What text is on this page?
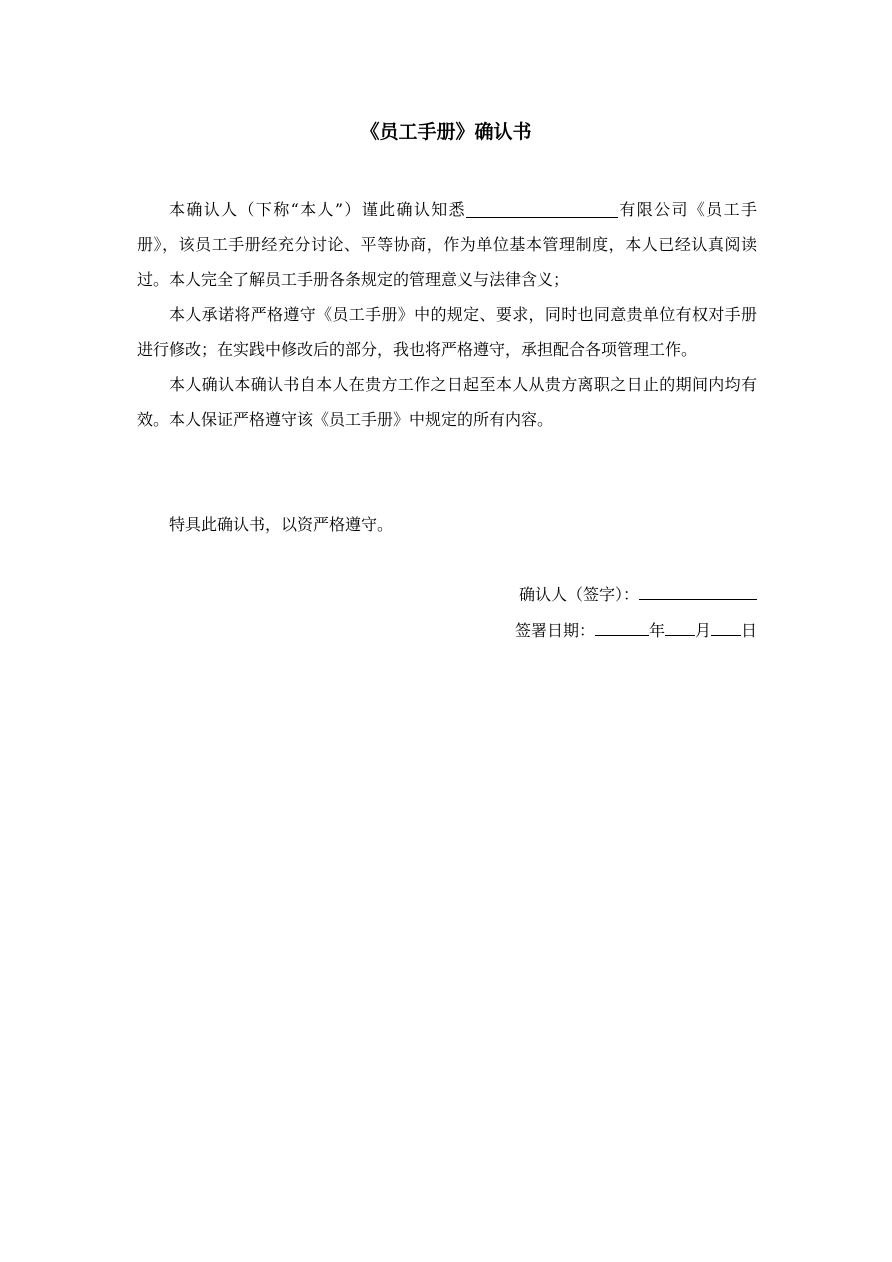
《员工手册》确认书

本确认人（下称“本人”）谨此确认知悉	有限公司《员工手册》，该员工手册经充分讨论、平等协商，作为单位基本管理制度，本人已经认真阅读过。本人完全了解员工手册各条规定的管理意义与法律含义；

本人承诺将严格遵守《员工手册》中的规定、要求，同时也同意贵单位有权对手册进行修改；在实践中修改后的部分，我也将严格遵守，承担配合各项管理工作。

本人确认本确认书自本人在贵方工作之日起至本人从贵方离职之日止的期间内均有效。本人保证严格遵守该《员工手册》中规定的所有内容。

特具此确认书，以资严格遵守。
确认人（签字）：
签署日期：	年 月 日
